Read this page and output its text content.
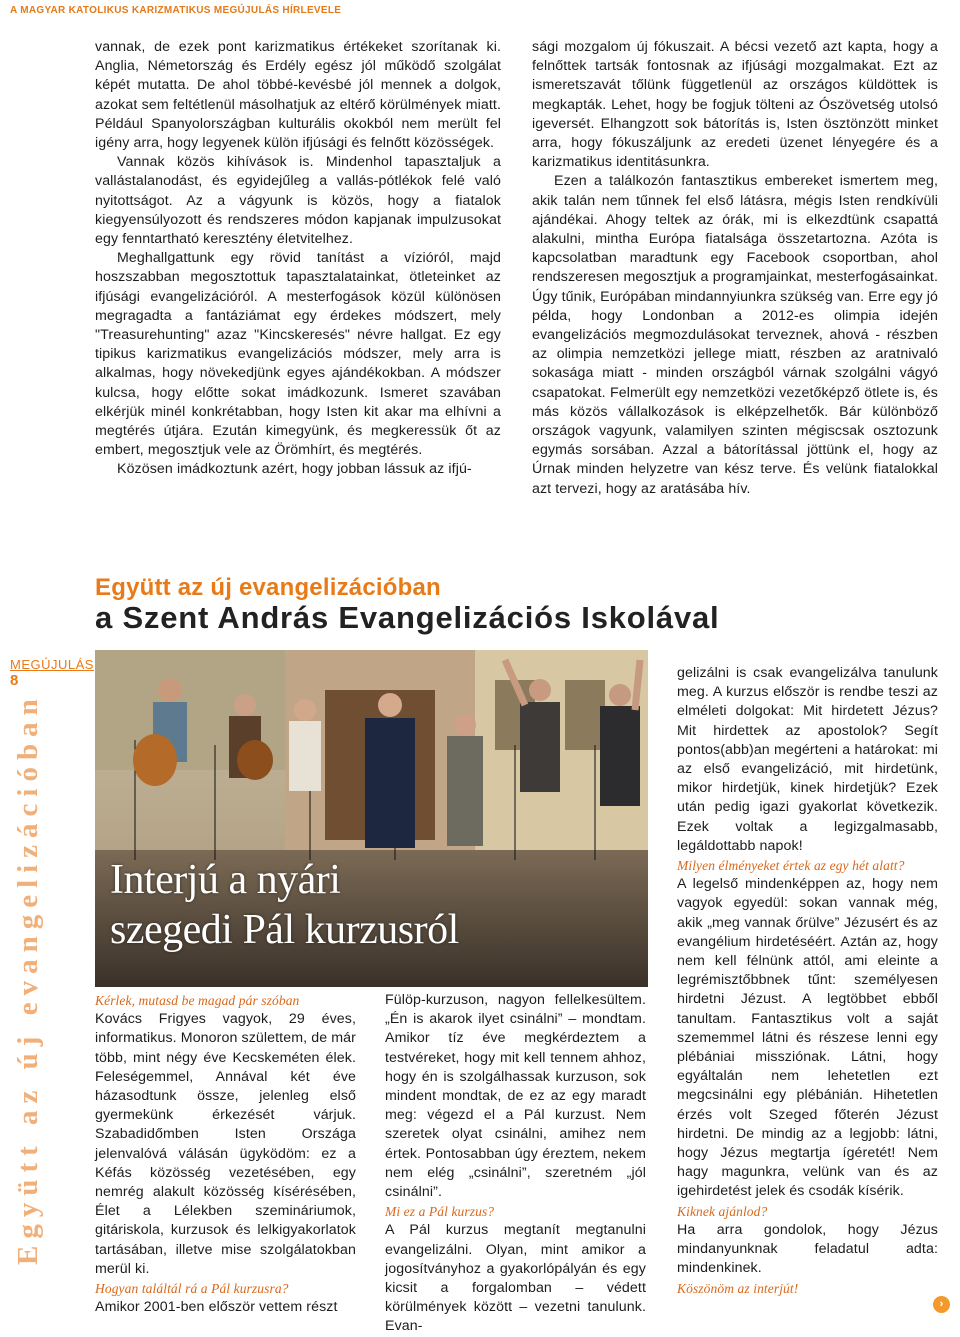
A MAGYAR KATOLIKUS KARIZMATIKUS MEGÚJULÁS HÍRLEVELE

vannak, de ezek pont karizmatikus értékeket szorítanak ki. Anglia, Németország és Erdély egész jól működő szolgálat képét mutatta. De ahol többé-kevésbé jól mennek a dolgok, azokat sem feltétlenül másolhatjuk az eltérő körülmények miatt. Például Spanyolországban kulturális okokból nem merült fel igény arra, hogy legyenek külön ifjúsági és felnőtt közösségek.

Vannak közös kihívások is. Mindenhol tapasztaljuk a vallástalanodást, és egyidejűleg a vallás-pótlékok felé való nyitottságot. Az a vágyunk is közös, hogy a fiatalok kiegyensúlyozott és rendszeres módon kapjanak impulzusokat egy fenntartható keresztény életvitelhez.

Meghallgattunk egy rövid tanítást a vízióról, majd hoszszabban megosztottuk tapasztalatainkat, ötleteinket az ifjúsági evangelizációról. A mesterfogások közül különösen megragadta a fantáziámat egy érdekes módszert, mely "Treasurehunting" azaz "Kincskeresés" névre hallgat. Ez egy tipikus karizmatikus evangelizációs módszer, mely arra is alkalmas, hogy növekedjünk egyes ajándékokban. A módszer kulcsa, hogy előtte sokat imádkozunk. Ismeret szavában elkérjük minél konkrétabban, hogy Isten kit akar ma elhívni a megtérés útjára. Ezután kimegyünk, és megkeressük őt az embert, megosztjuk vele az Örömhírt, és megtérés.

Közösen imádkoztunk azért, hogy jobban lássuk az ifjú-

sági mozgalom új fókuszait. A bécsi vezető azt kapta, hogy a felnőttek tartsák fontosnak az ifjúsági mozgalmakat. Ezt az ismeretszavát tőlünk függetlenül az országos küldöttek is megkapták. Lehet, hogy be fogjuk tölteni az Ószövetség utolsó igeversét. Elhangzott sok bátorítás is, Isten ösztönzött minket arra, hogy fókuszáljunk az eredeti üzenet lényegére és a karizmatikus identitásunkra.

Ezen a találkozón fantasztikus embereket ismertem meg, akik talán nem tűnnek fel első látásra, mégis Isten rendkívüli ajándékai. Ahogy teltek az órák, mi is elkezdtünk csapattá alakulni, mintha Európa fiatalsága összetartozna. Azóta is kapcsolatban maradtunk egy Facebook csoportban, ahol rendszeresen megosztjuk a programjainkat, mesterfogásainkat. Úgy tűnik, Európában mindannyiunkra szükség van. Erre egy jó példa, hogy Londonban a 2012-es olimpia idején evangelizációs megmozdulásokat terveznek, ahová - részben az olimpia nemzetközi jellege miatt, részben az aratnivaló sokasága miatt - minden országból várnak szolgálni vágyó csapatokat. Felmerült egy nemzetközi vezetőképző ötlete is, és más közös vállalkozások is elképzelhetők. Bár különböző országok vagyunk, valamilyen szinten mégiscsak osztozunk egymás sorsában. Azzal a bátorítással jöttünk el, hogy az Úrnak minden helyzetre van kész terve. És velünk fiatalokkal azt tervezi, hogy az aratásába hív.

Együtt az új evangelizációban
a Szent András Evangelizációs Iskolával
MEGÚJULÁS
8
Együtt az új evangelizációban Interjú a nyári
szegedi Pál kurzusról

Kérlek, mutasd be magad pár szóban

Kovács Frigyes vagyok, 29 éves, informatikus. Monoron születtem, de már több, mint négy éve Kecskeméten élek. Feleségemmel, Annával két éve házasodtunk össze, jelenleg első gyermekünk érkezését várjuk. Szabadidőmben Isten Országa jelenvalóvá válásán ügyködöm: ez a Kéfás közösség vezetésében, egy nemrég alakult közösség kísérésében, Élet a Lélekben szemináriumok, gitáriskola, kurzusok és lelkigyakorlatok tartásában, illetve mise szolgálatokban merül ki.

Hogyan találtál rá a Pál kurzusra?

Amikor 2001-ben először vettem részt

Fülöp-kurzuson, nagyon fellelkesültem. „Én is akarok ilyet csinálni” – mondtam. Amikor tíz éve megkérdeztem a testvéreket, hogy mit kell tennem ahhoz, hogy én is szolgálhassak kurzuson, sok mindent mondtak, de ez az egy maradt meg: végezd el a Pál kurzust. Nem szeretek olyat csinálni, amihez nem értek. Pontosabban úgy éreztem, nekem nem elég „csinálni”, szeretném „jól csinálni”.

Mi ez a Pál kurzus?

A Pál kurzus megtanít megtanulni evangelizálni. Olyan, mint amikor a jogosítványhoz a gyakorlópályán és egy kicsit a forgalomban – védett körülmények között – vezetni tanulunk. Evan-

gelizálni is csak evangelizálva tanulunk meg. A kurzus először is rendbe teszi az elméleti dolgokat: Mit hirdetett Jézus? Mit hirdettek az apostolok? Segít pontos(abb)an megérteni a határokat: mi az első evangelizáció, mit hirdetünk, mikor hirdetjük, kinek hirdetjük? Ezek után pedig igazi gyakorlat következik. Ezek voltak a legizgalmasabb, legáldottabb napok!

Milyen élményeket értek az egy hét alatt?

A legelső mindenképpen az, hogy nem vagyok egyedül: sokan vannak még, akik „meg vannak őrülve” Jézusért és az evangélium hirdetéséért. Aztán az, hogy nem kell félnünk attól, ami eleinte a legrémisztőbbnek tűnt: személyesen hirdetni Jézust. A legtöbbet ebből tanultam. Fantasztikus volt a saját szememmel látni és részese lenni egy plébániai missziónak. Látni, hogy egyáltalán nem lehetetlen ezt megcsinálni egy plébánián. Hihetetlen érzés volt Szeged főterén Jézust hirdetni. De mindig az a legjobb: látni, hogy Jézus megtartja ígéretét! Nem hagy magunkra, velünk van és az igehirdetést jelek és csodák kísérik.

Kiknek ajánlod?

Ha arra gondolok, hogy Jézus mindanyunknak feladatul adta: mindenkinek.

Köszönöm az interjút!

›
